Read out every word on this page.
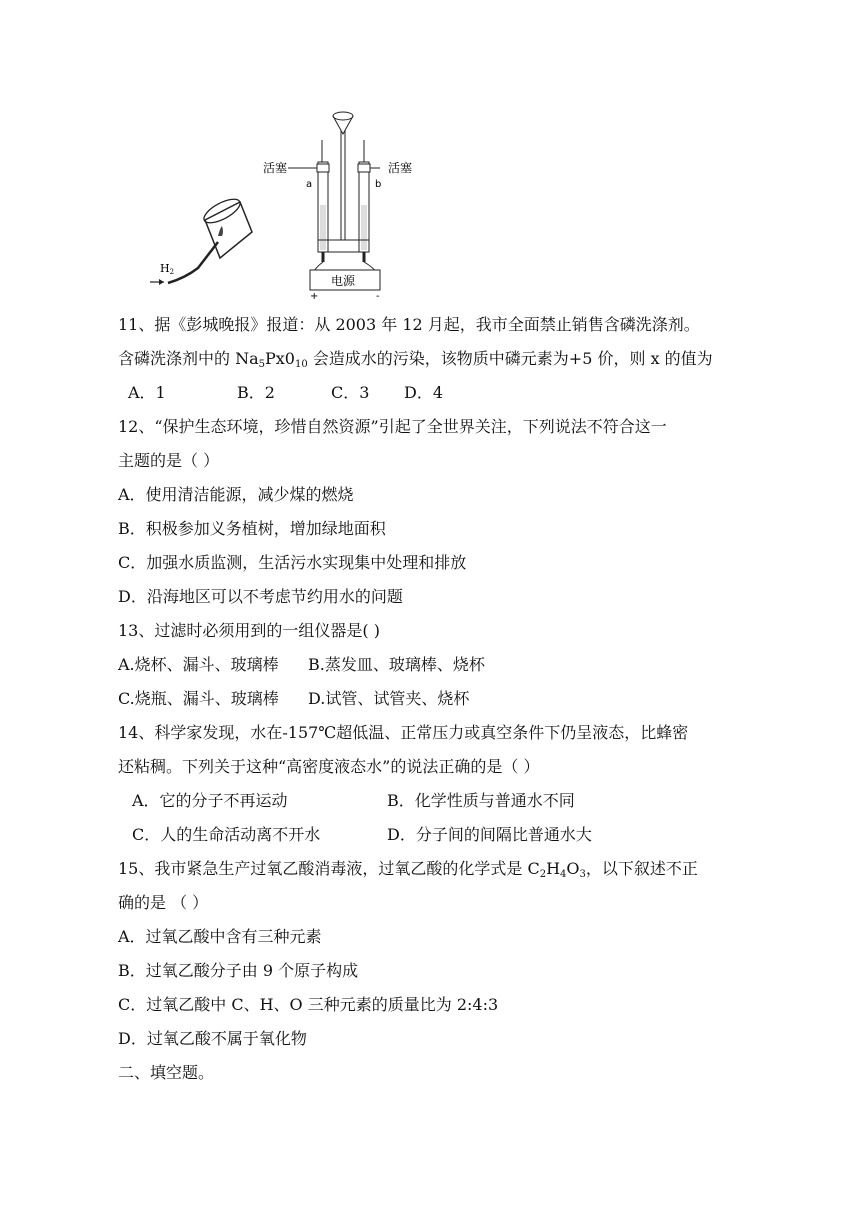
H2
活塞	活塞
a	b
电源
+	-
11、据《彭城晚报》报道：从 2003 年 12 月起，我市全面禁止销售含磷洗涤剂。
含磷洗涤剂中的 $Na_5Px0_{10}$ 会造成水的污染，该物质中磷元素为+5 价，则 x 的值为
A．1	B．2	C．3 D．4
12、“保护生态环境，珍惜自然资源”引起了全世界关注，下列说法不符合这一
主题的是（ ）
A．使用清洁能源，减少煤的燃烧
B．积极参加义务植树，增加绿地面积
C．加强水质监测，生活污水实现集中处理和排放
D．沿海地区可以不考虑节约用水的问题
13、过滤时必须用到的一组仪器是( )
A.烧杯、漏斗、玻璃棒 B.蒸发皿、玻璃棒、烧杯
C.烧瓶、漏斗、玻璃棒 D.试管、试管夹、烧杯
14、科学家发现，水在-157℃超低温、正常压力或真空条件下仍呈液态，比蜂密
还粘稠。下列关于这种“高密度液态水”的说法正确的是（ ）
A．它的分子不再运动	B．化学性质与普通水不同
C．人的生命活动离不开水	D．分子间的间隔比普通水大
15、我市紧急生产过氧乙酸消毒液，过氧乙酸的化学式是 $C_2H_4O_3$，以下叙述不正
确的是 （ ）
A．过氧乙酸中含有三种元素
B．过氧乙酸分子由 9 个原子构成
C．过氧乙酸中 C、H、O 三种元素的质量比为 2:4:3
D．过氧乙酸不属于氧化物
二、填空题。
